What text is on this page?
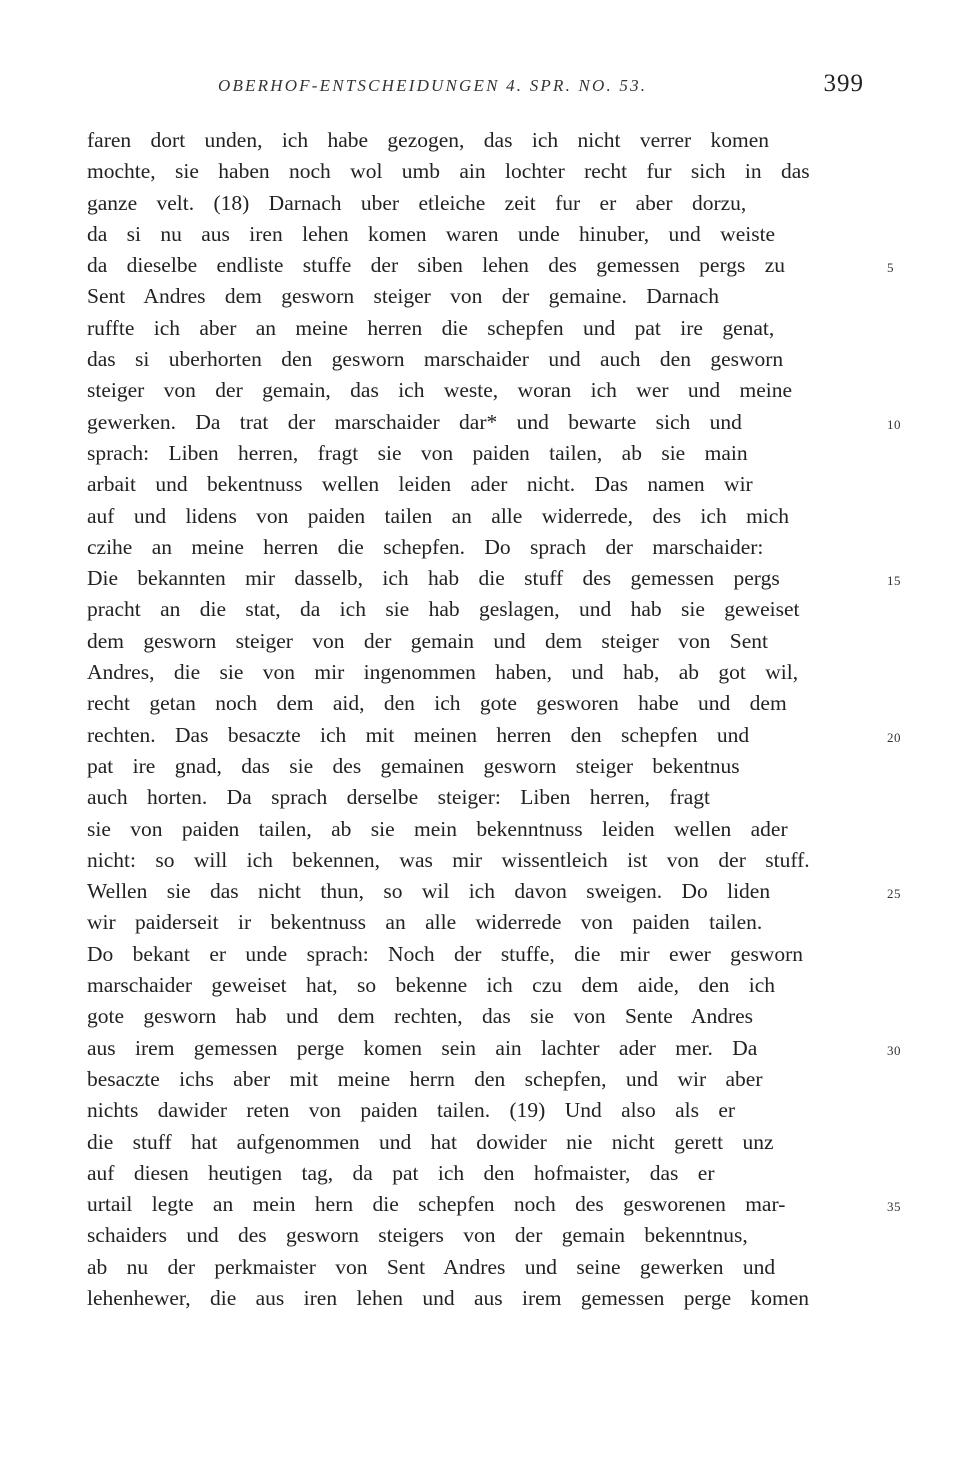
OBERHOF-ENTSCHEIDUNGEN 4. SPR. NO. 53.	399
faren dort unden, ich habe gezogen, das ich nicht verrer komen
mochte, sie haben noch wol umb ain lochter recht fur sich in das
ganze velt. (18) Darnach uber etleiche zeit fur er aber dorzu,
da si nu aus iren lehen komen waren unde hinuber, und weiste
da dieselbe endliste stuffe der siben lehen des gemessen pergs zu	5
Sent Andres dem gesworn steiger von der gemaine. Darnach
ruffte ich aber an meine herren die schepfen und pat ire genat,
das si uberhorten den gesworn marschaider und auch den gesworn
steiger von der gemain, das ich weste, woran ich wer und meine
gewerken. Da trat der marschaider dar* und bewarte sich und	10
sprach: Liben herren, fragt sie von paiden tailen, ab sie main
arbait und bekentnuss wellen leiden ader nicht. Das namen wir
auf und lidens von paiden tailen an alle widerrede, des ich mich
czihe an meine herren die schepfen. Do sprach der marschaider:
Die bekannten mir dasselb, ich hab die stuff des gemessen pergs	15
pracht an die stat, da ich sie hab geslagen, und hab sie geweiset
dem gesworn steiger von der gemain und dem steiger von Sent
Andres, die sie von mir ingenommen haben, und hab, ab got wil,
recht getan noch dem aid, den ich gote gesworen habe und dem
rechten. Das besaczte ich mit meinen herren den schepfen und	20
pat ire gnad, das sie des gemainen gesworn steiger bekentnus
auch horten. Da sprach derselbe steiger: Liben herren, fragt
sie von paiden tailen, ab sie mein bekenntnuss leiden wellen ader
nicht: so will ich bekennen, was mir wissentleich ist von der stuff.
Wellen sie das nicht thun, so wil ich davon sweigen. Do liden	25
wir paiderseit ir bekentnuss an alle widerrede von paiden tailen.
Do bekant er unde sprach: Noch der stuffe, die mir ewer gesworn
marschaider geweiset hat, so bekenne ich czu dem aide, den ich
gote gesworn hab und dem rechten, das sie von Sente Andres
aus irem gemessen perge komen sein ain lachter ader mer. Da	30
besaczte ichs aber mit meine herrn den schepfen, und wir aber
nichts dawider reten von paiden tailen. (19) Und also als er
die stuff hat aufgenommen und hat dowider nie nicht gerett unz
auf diesen heutigen tag, da pat ich den hofmaister, das er
urtail legte an mein hern die schepfen noch des gesworenen mar-	35
schaiders und des gesworn steigers von der gemain bekenntnus,
ab nu der perkmaister von Sent Andres und seine gewerken und
lehenhewer, die aus iren lehen und aus irem gemessen perge komen
